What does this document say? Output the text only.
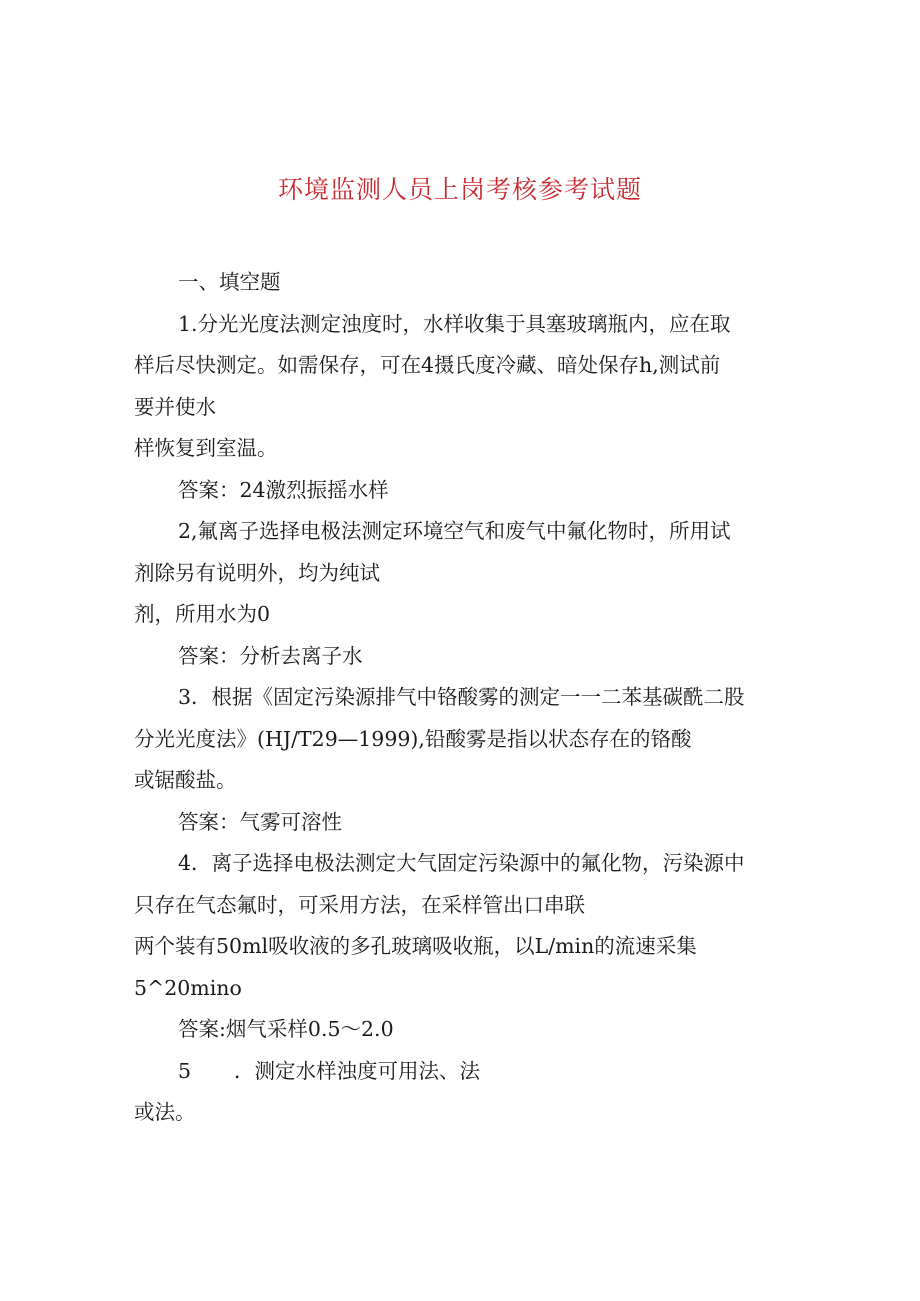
环境监测人员上岗考核参考试题
一、填空题
1.分光光度法测定浊度时，水样收集于具塞玻璃瓶内，应在取
样后尽快测定。如需保存，可在4摄氏度冷藏、暗处保存h,测试前
要并使水
样恢复到室温。
答案：24激烈振摇水样
2,氟离子选择电极法测定环境空气和废气中氟化物时，所用试
剂除另有说明外，均为纯试
剂，所用水为0
答案：分析去离子水
3．根据《固定污染源排气中铬酸雾的测定一一二苯基碳酰二股
分光光度法》(HJ/T29—1999),铅酸雾是指以状态存在的铬酸
或锯酸盐。
答案：气雾可溶性
4．离子选择电极法测定大气固定污染源中的氟化物，污染源中
只存在气态氟时，可采用方法，在采样管出口串联
两个装有50ml吸收液的多孔玻璃吸收瓶，以L/min的流速采集
5^20mino
答案:烟气采样0.5～2.0
5 ．测定水样浊度可用法、法
或法。
